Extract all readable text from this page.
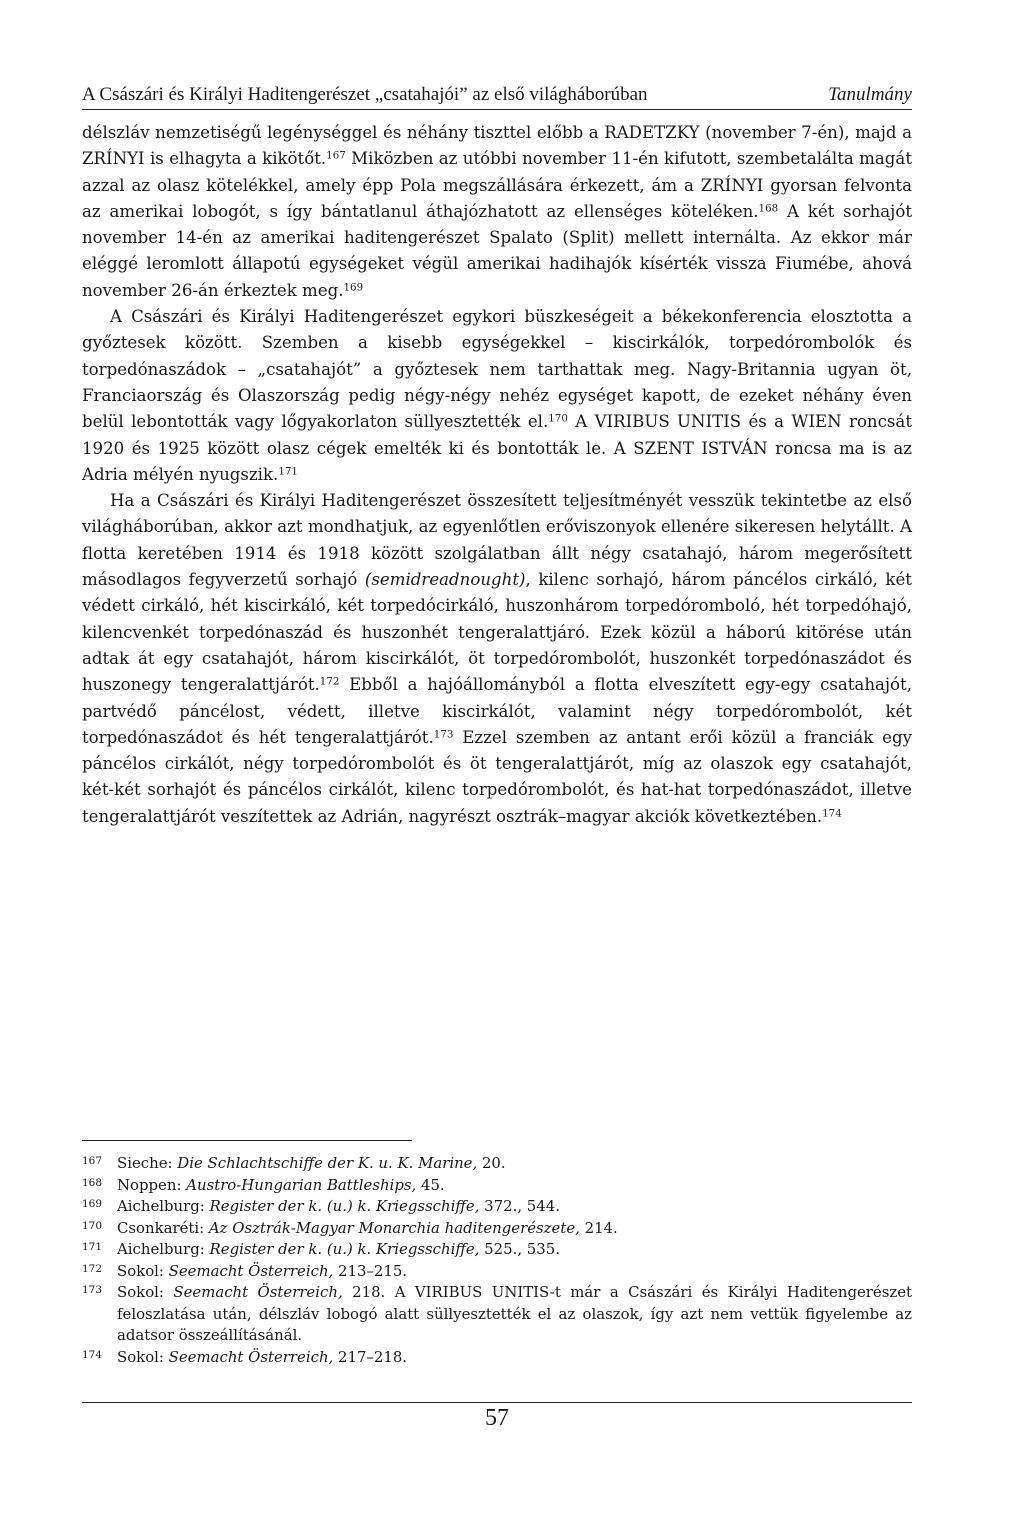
A Császári és Királyi Haditengerészet „csatahajói” az első világháborúban	Tanulmány

délszláv nemzetiségű legénységgel és néhány tiszttel előbb a RADETZKY (november 7-én), majd a ZRÍNYI is elhagyta a kikötőt.$^{167}$ Miközben az utóbbi november 11-én kifutott, szembetalálta magát azzal az olasz kötelékkel, amely épp Pola megszállására érkezett, ám a ZRÍNYI gyorsan felvonta az amerikai lobogót, s így bántatlanul áthajózhatott az ellenséges köteléken.$^{168}$ A két sorhajót november 14-én az amerikai haditengerészet Spalato (Split) mellett internálta. Az ekkor már eléggé leromlott állapotú egységeket végül amerikai hadihajók kísérték vissza Fiumébe, ahová november 26-án érkeztek meg.$^{169}$

A Császári és Királyi Haditengerészet egykori büszkeségeit a békekonferencia elosztotta a győztesek között. Szemben a kisebb egységekkel – kiscirkálók, torpedórombolók és torpedónaszádok – „csatahajót” a győztesek nem tarthattak meg. Nagy-Britannia ugyan öt, Franciaország és Olaszország pedig négy-négy nehéz egységet kapott, de ezeket néhány éven belül lebontották vagy lőgyakorlaton süllyesztették el.$^{170}$ A VIRIBUS UNITIS és a WIEN roncsát 1920 és 1925 között olasz cégek emelték ki és bontották le. A SZENT ISTVÁN roncsa ma is az Adria mélyén nyugszik.$^{171}$

Ha a Császári és Királyi Haditengerészet összesített teljesítményét vesszük tekintetbe az első világháborúban, akkor azt mondhatjuk, az egyenlőtlen erőviszonyok ellenére sikeresen helytállt. A flotta keretében 1914 és 1918 között szolgálatban állt négy csatahajó, három megerősített másodlagos fegyverzetű sorhajó (semidreadnought), kilenc sorhajó, három páncélos cirkáló, két védett cirkáló, hét kiscirkáló, két torpedócirkáló, huszonhárom torpedóromboló, hét torpedóhajó, kilencvenkét torpedónaszád és huszonhét tengeralattjáró. Ezek közül a háború kitörése után adtak át egy csatahajót, három kiscirkálót, öt torpedórombolót, huszonkét torpedónaszádot és huszonegy tengeralattjárót.$^{172}$ Ebből a hajóállományból a flotta elveszített egy-egy csatahajót, partvédő páncélost, védett, illetve kiscirkálót, valamint négy torpedórombolót, két torpedónaszádot és hét tengeralattjárót.$^{173}$ Ezzel szemben az antant erői közül a franciák egy páncélos cirkálót, négy torpedórombolót és öt tengeralattjárót, míg az olaszok egy csatahajót, két-két sorhajót és páncélos cirkálót, kilenc torpedórombolót, és hat-hat torpedónaszádot, illetve tengeralattjárót veszítettek az Adrián, nagyrészt osztrák–magyar akciók következtében.$^{174}$

167	Sieche: Die Schlachtschiffe der K. u. K. Marine, 20.
168	Noppen: Austro-Hungarian Battleships, 45.
169	Aichelburg: Register der k. (u.) k. Kriegsschiffe, 372., 544.
170	Csonkaréti: Az Osztrák-Magyar Monarchia haditengerészete, 214.
171	Aichelburg: Register der k. (u.) k. Kriegsschiffe, 525., 535.
172	Sokol: Seemacht Österreich, 213–215.
173	Sokol: Seemacht Österreich, 218. A VIRIBUS UNITIS-t már a Császári és Királyi Haditengerészet feloszlatása után, délszláv lobogó alatt süllyesztették el az olaszok, így azt nem vettük figyelembe az adatsor összeállításánál.
174	Sokol: Seemacht Österreich, 217–218.
57
